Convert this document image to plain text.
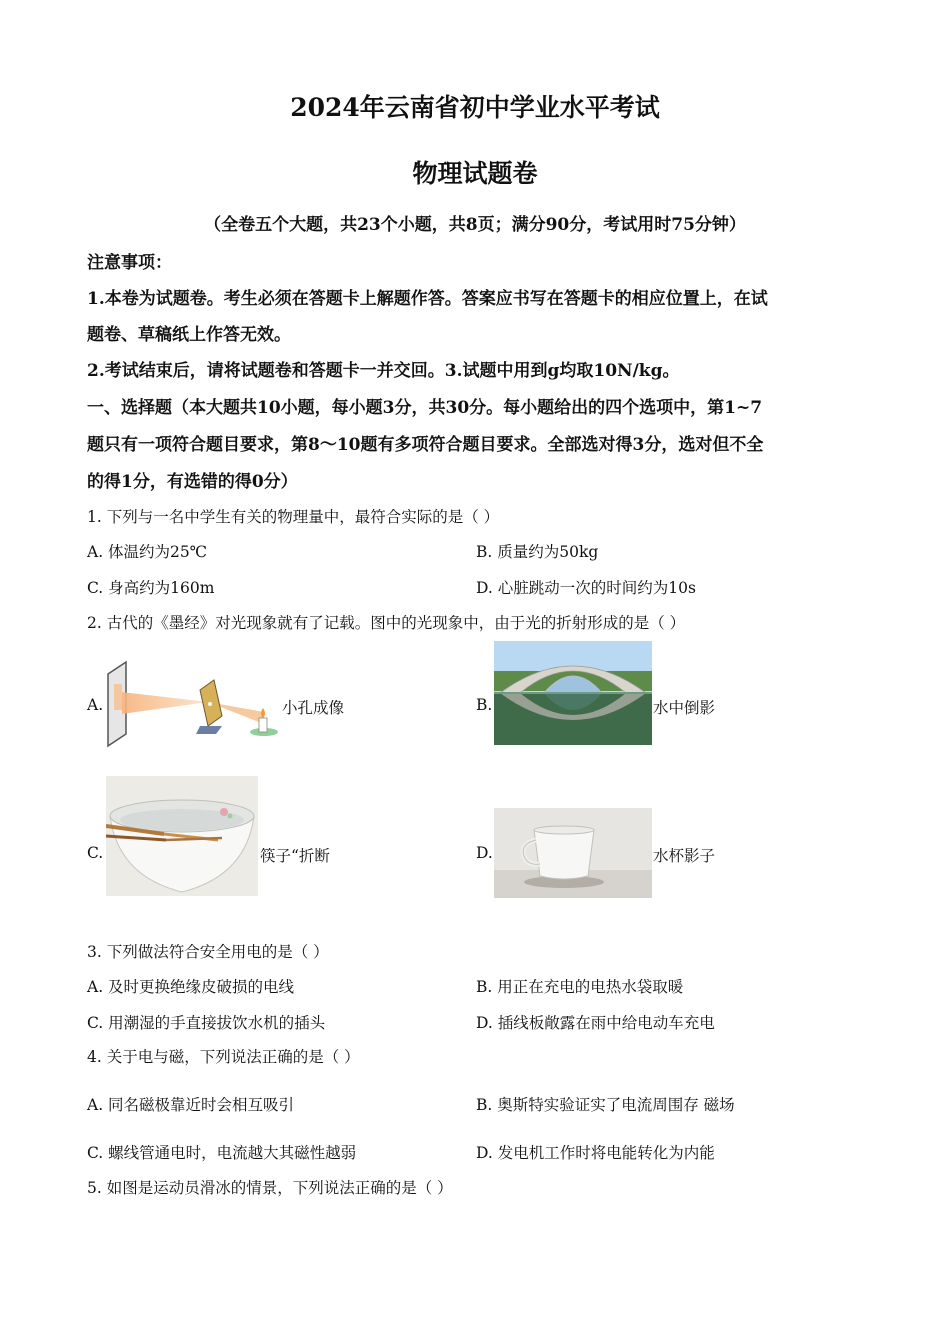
2024年云南省初中学业水平考试
物理试题卷
（全卷五个大题，共23个小题，共8页；满分90分，考试用时75分钟）
注意事项：
1.本卷为试题卷。考生必须在答题卡上解题作答。答案应书写在答题卡的相应位置上，在试
题卷、草稿纸上作答无效。
2.考试结束后，请将试题卷和答题卡一并交回。3.试题中用到g均取10N/kg。
一、选择题（本大题共10小题，每小题3分，共30分。每小题给出的四个选项中，第1~7
题只有一项符合题目要求，第8～10题有多项符合题目要求。全部选对得3分，选对但不全
的得1分，有选错的得0分）
1. 下列与一名中学生有关的物理量中，最符合实际的是（ ）
A. 体温约为25℃	B. 质量约为50kg
C. 身高约为160m	D. 心脏跳动一次的时间约为10s
2. 古代的《墨经》对光现象就有了记载。图中的光现象中，由于光的折射形成的是（ ）
A.	小孔成像	B.	水中倒影
C.	筷子“折断	D.	水杯影子
3. 下列做法符合安全用电的是（ ）
A. 及时更换绝缘皮破损的电线	B. 用正在充电的电热水袋取暖
C. 用潮湿的手直接拔饮水机的插头	D. 插线板敞露在雨中给电动车充电
4. 关于电与磁，下列说法正确的是（ ）
A. 同名磁极靠近时会相互吸引	B. 奥斯特实验证实了电流周围存 磁场
C. 螺线管通电时，电流越大其磁性越弱	D. 发电机工作时将电能转化为内能
5. 如图是运动员滑冰的情景，下列说法正确的是（ ）
